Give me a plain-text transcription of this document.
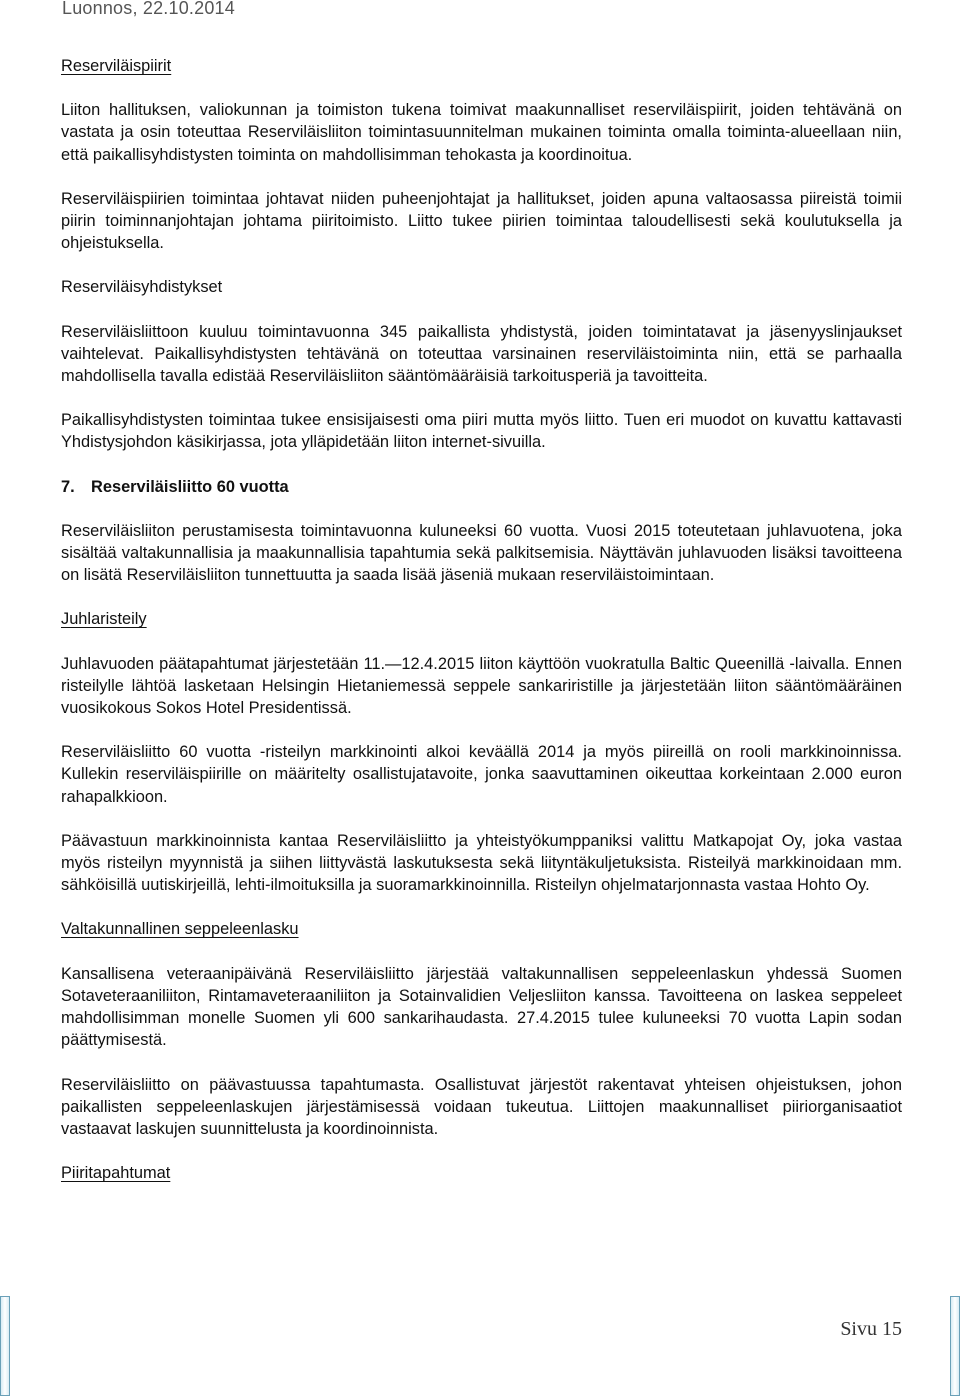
Luonnos, 22.10.2014

Reserviläispiirit

Liiton hallituksen, valiokunnan ja toimiston tukena toimivat maakunnalliset reserviläispiirit, joiden tehtävänä on vastata ja osin toteuttaa Reserviläisliiton toimintasuunnitelman mukainen toiminta omalla toiminta-alueellaan niin, että paikallisyhdistysten toiminta on mahdollisimman tehokasta ja koordinoitua.

Reserviläispiirien toimintaa johtavat niiden puheenjohtajat ja hallitukset, joiden apuna valtaosassa piireistä toimii piirin toiminnanjohtajan johtama piiritoimisto. Liitto tukee piirien toimintaa taloudellisesti sekä koulutuksella ja ohjeistuksella.

Reserviläisyhdistykset

Reserviläisliittoon kuuluu toimintavuonna 345 paikallista yhdistystä, joiden toimintatavat ja jäsenyyslinjaukset vaihtelevat. Paikallisyhdistysten tehtävänä on toteuttaa varsinainen reserviläistoiminta niin, että se parhaalla mahdollisella tavalla edistää Reserviläisliiton sääntömääräisiä tarkoitusperiä ja tavoitteita.

Paikallisyhdistysten toimintaa tukee ensisijaisesti oma piiri mutta myös liitto. Tuen eri muodot on kuvattu kattavasti Yhdistysjohdon käsikirjassa, jota ylläpidetään liiton internet-sivuilla.

7. Reserviläisliitto 60 vuotta

Reserviläisliiton perustamisesta toimintavuonna kuluneeksi 60 vuotta. Vuosi 2015 toteutetaan juhlavuotena, joka sisältää valtakunnallisia ja maakunnallisia tapahtumia sekä palkitsemisia. Näyttävän juhlavuoden lisäksi tavoitteena on lisätä Reserviläisliiton tunnettuutta ja saada lisää jäseniä mukaan reserviläistoimintaan.

Juhlaristeily

Juhlavuoden päätapahtumat järjestetään 11.—12.4.2015 liiton käyttöön vuokratulla Baltic Queenillä -laivalla. Ennen risteilylle lähtöä lasketaan Helsingin Hietaniemessä seppele sankariristille ja järjestetään liiton sääntömääräinen vuosikokous Sokos Hotel Presidentissä.

Reserviläisliitto 60 vuotta -risteilyn markkinointi alkoi keväällä 2014 ja myös piireillä on rooli markkinoinnissa. Kullekin reserviläispiirille on määritelty osallistujatavoite, jonka saavuttaminen oikeuttaa korkeintaan 2.000 euron rahapalkkioon.

Päävastuun markkinoinnista kantaa Reserviläisliitto ja yhteistyökumppaniksi valittu Matkapojat Oy, joka vastaa myös risteilyn myynnistä ja siihen liittyvästä laskutuksesta sekä liityntäkuljetuksista. Risteilyä markkinoidaan mm. sähköisillä uutiskirjeillä, lehti-ilmoituksilla ja suoramarkkinoinnilla. Risteilyn ohjelmatarjonnasta vastaa Hohto Oy.

Valtakunnallinen seppeleenlasku

Kansallisena veteraanipäivänä Reserviläisliitto järjestää valtakunnallisen seppeleenlaskun yhdessä Suomen Sotaveteraaniliiton, Rintamaveteraaniliiton ja Sotainvalidien Veljesliiton kanssa. Tavoitteena on laskea seppeleet mahdollisimman monelle Suomen yli 600 sankarihaudasta. 27.4.2015 tulee kuluneeksi 70 vuotta Lapin sodan päättymisestä.

Reserviläisliitto on päävastuussa tapahtumasta. Osallistuvat järjestöt rakentavat yhteisen ohjeistuksen, johon paikallisten seppeleenlaskujen järjestämisessä voidaan tukeutua. Liittojen maakunnalliset piiriorganisaatiot vastaavat laskujen suunnittelusta ja koordinoinnista.

Piiritapahtumat

Sivu 15
